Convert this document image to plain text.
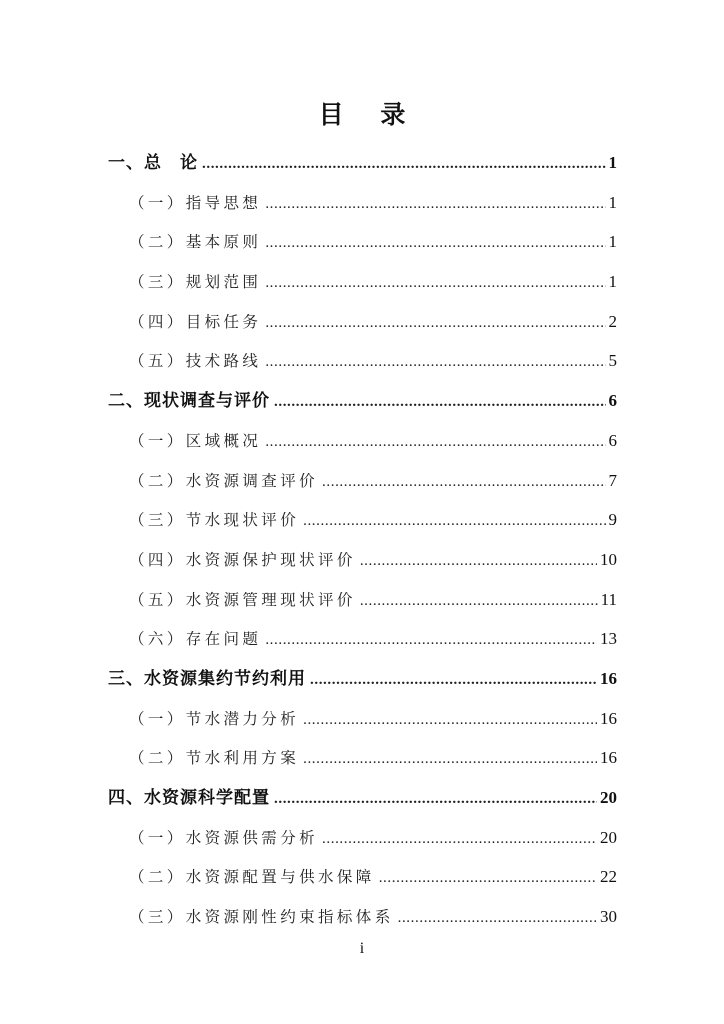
目 录
一、总　论 .....	1
（一）指导思想 .....	1
（二）基本原则 .....	1
（三）规划范围 .....	1
（四）目标任务 .....	2
（五）技术路线 .....	5
二、现状调查与评价 .....	6
（一）区域概况 .....	6
（二）水资源调查评价 .....	7
（三）节水现状评价 .....	9
（四）水资源保护现状评价 .....	10
（五）水资源管理现状评价 .....	11
（六）存在问题 .....	13
三、水资源集约节约利用 .....	16
（一）节水潜力分析 .....	16
（二）节水利用方案 .....	16
四、水资源科学配置 .....	20
（一）水资源供需分析 .....	20
（二）水资源配置与供水保障 .....	22
（三）水资源刚性约束指标体系 .....	30
i
